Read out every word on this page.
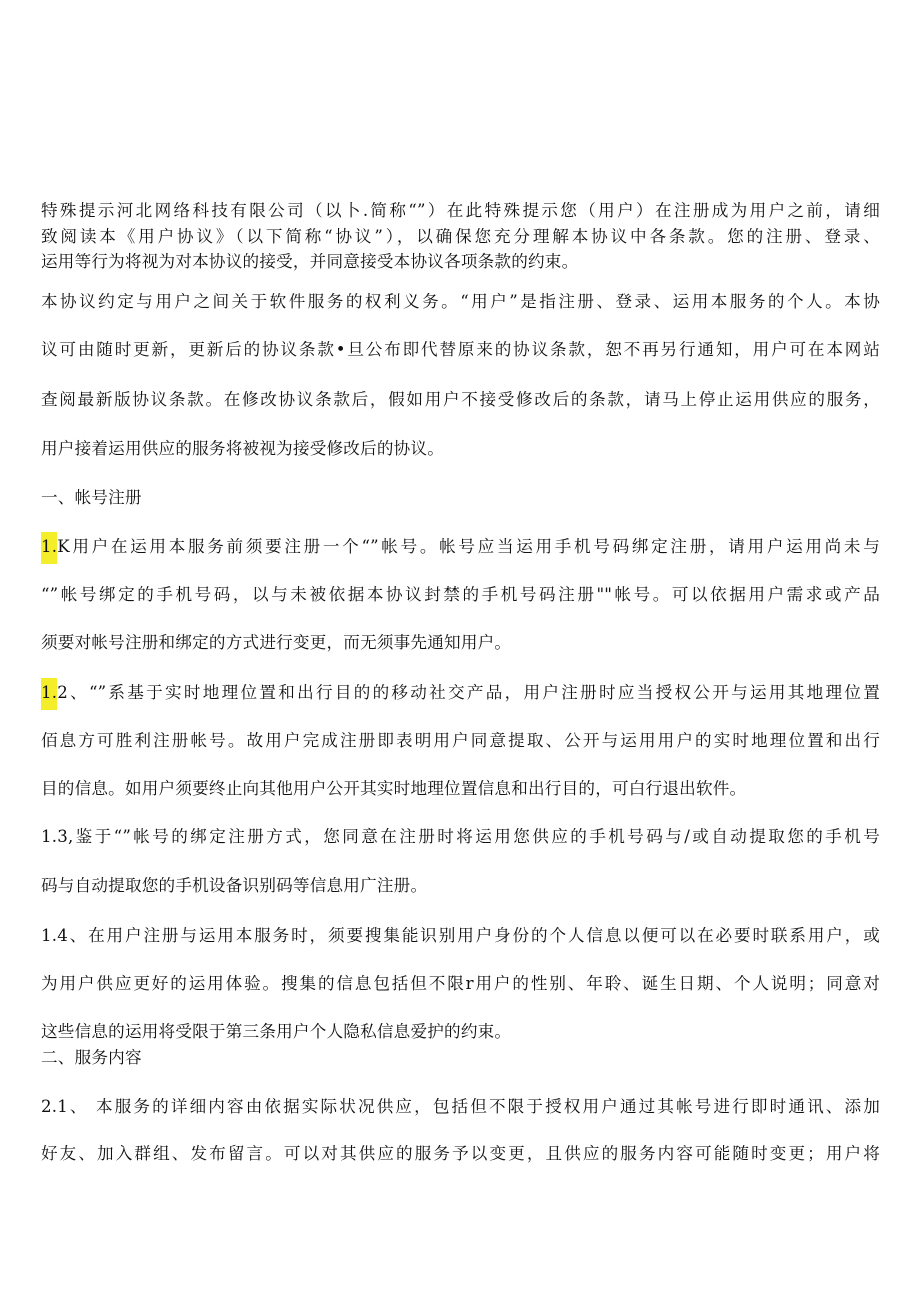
特殊提示河北网络科技有限公司（以卜.简称“”）在此特殊提示您（用户）在注册成为用户之前，请细
致阅读本《用户协议》（以下简称“协议”），以确保您充分理解本协议中各条款。您的注册、登录、
运用等行为将视为对本协议的接受，并同意接受本协议各项条款的约束。
本协议约定与用户之间关于软件服务的权利义务。“用户”是指注册、登录、运用本服务的个人。本协
议可由随时更新，更新后的协议条款•旦公布即代替原来的协议条款，恕不再另行通知，用户可在本网站
查阅最新版协议条款。在修改协议条款后，假如用户不接受修改后的条款，请马上停止运用供应的服务，
用户接着运用供应的服务将被视为接受修改后的协议。
一、帐号注册
1.K用户在运用本服务前须要注册一个“”帐号。帐号应当运用手机号码绑定注册，请用户运用尚未与
“”帐号绑定的手机号码，以与未被依据本协议封禁的手机号码注册""帐号。可以依据用户需求或产品
须要对帐号注册和绑定的方式进行变更，而无须事先通知用户。
1.2、“”系基于实时地理位置和出行目的的移动社交产品，用户注册时应当授权公开与运用其地理位置
佰息方可胜利注册帐号。故用户完成注册即表明用户同意提取、公开与运用用户的实时地理位置和出行
目的信息。如用户须要终止向其他用户公开其实时地理位置信息和出行目的，可白行退出软件。
1.3,鉴于“”帐号的绑定注册方式，您同意在注册时将运用您供应的手机号码与/或自动提取您的手机号
码与自动提取您的手机设备识别码等信息用广注册。
1.4、在用户注册与运用本服务时，须要搜集能识别用户身份的个人信息以便可以在必要时联系用户，或
为用户供应更好的运用体验。搜集的信息包括但不限r用户的性别、年聆、诞生日期、个人说明；同意对
这些信息的运用将受限于第三条用户个人隐私信息爱护的约束。
二、服务内容
2.1、 本服务的详细内容由依据实际状况供应，包括但不限于授权用户通过其帐号进行即时通讯、添加
好友、加入群组、发布留言。可以对其供应的服务予以变更，且供应的服务内容可能随时变更；用户将
